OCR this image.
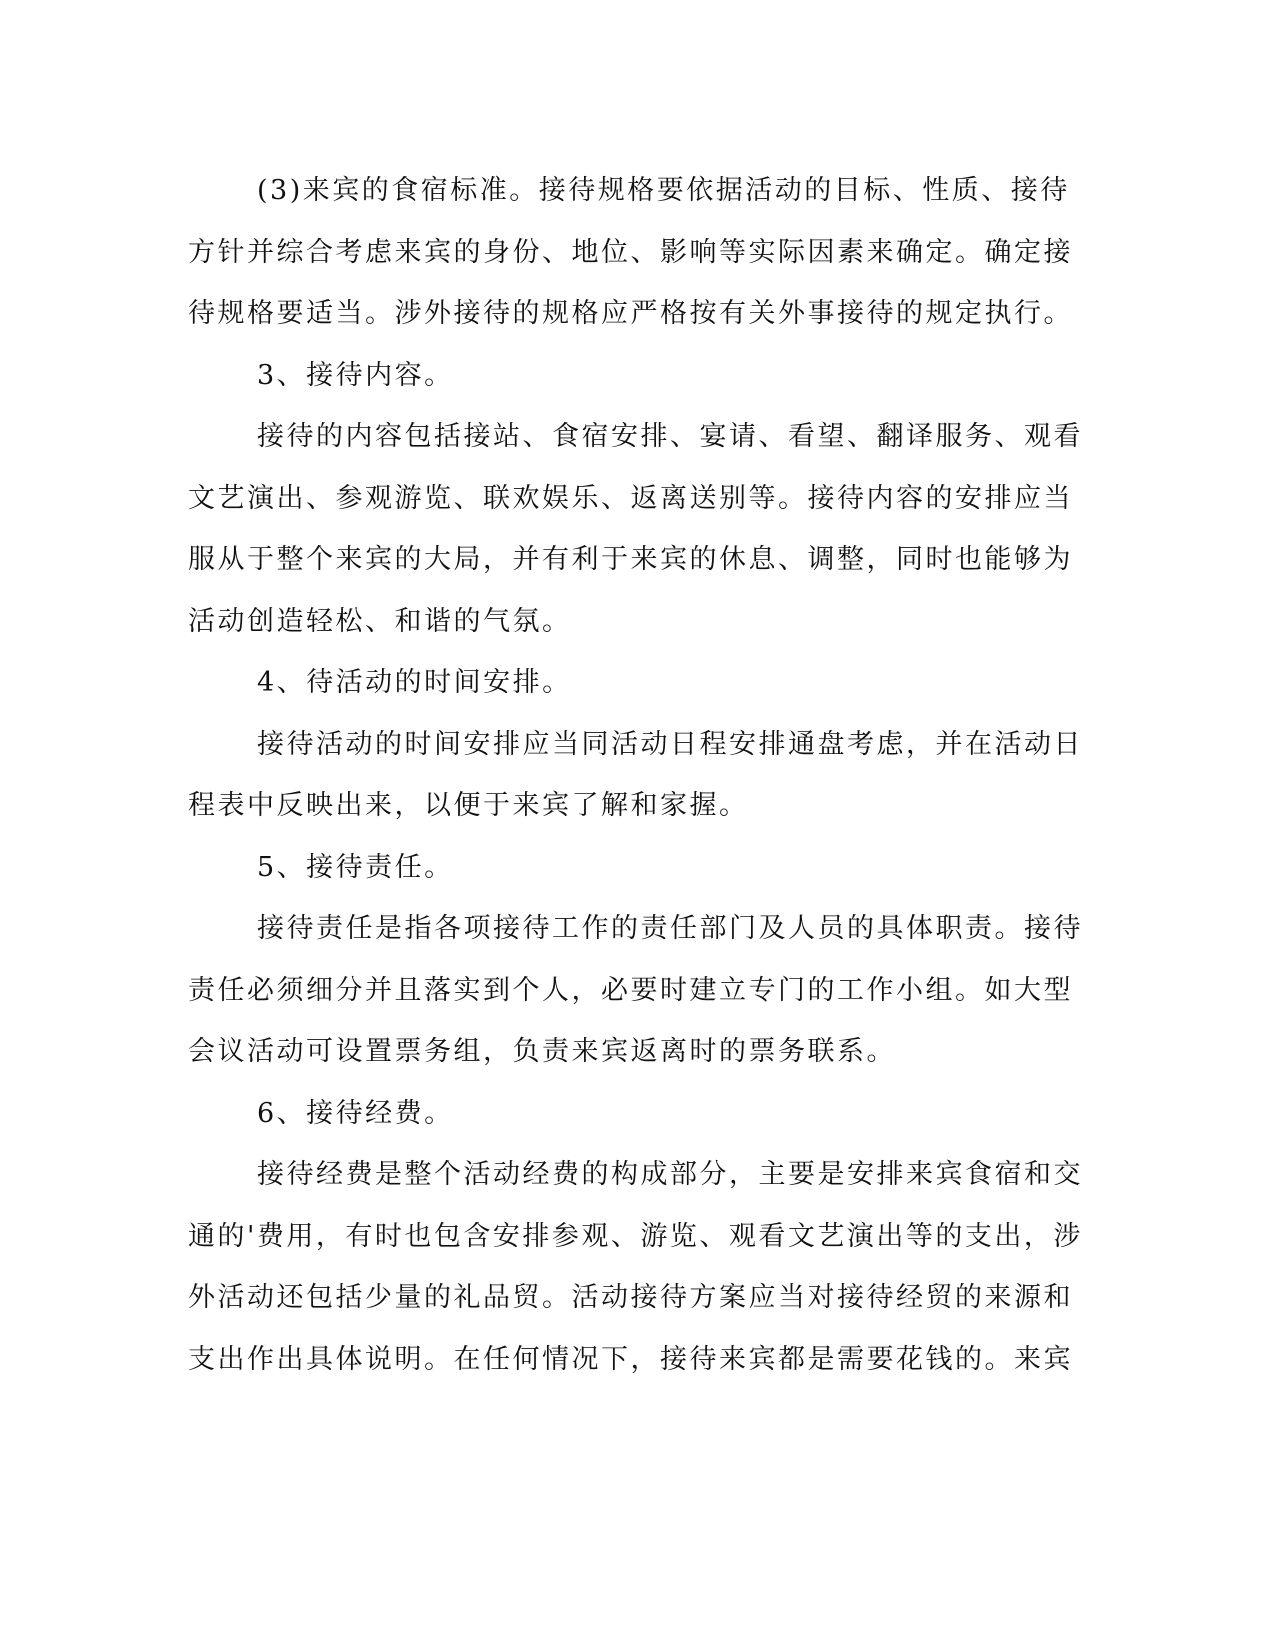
(3)来宾的食宿标准。接待规格要依据活动的目标、性质、接待方针并综合考虑来宾的身份、地位、影响等实际因素来确定。确定接待规格要适当。涉外接待的规格应严格按有关外事接待的规定执行。

3、接待内容。

接待的内容包括接站、食宿安排、宴请、看望、翻译服务、观看文艺演出、参观游览、联欢娱乐、返离送别等。接待内容的安排应当服从于整个来宾的大局，并有利于来宾的休息、调整，同时也能够为活动创造轻松、和谐的气氛。

4、待活动的时间安排。

接待活动的时间安排应当同活动日程安排通盘考虑，并在活动日程表中反映出来，以便于来宾了解和家握。

5、接待责任。

接待责任是指各项接待工作的责任部门及人员的具体职责。接待责任必须细分并且落实到个人，必要时建立专门的工作小组。如大型会议活动可设置票务组，负责来宾返离时的票务联系。

6、接待经费。

接待经费是整个活动经费的构成部分，主要是安排来宾食宿和交通的'费用，有时也包含安排参观、游览、观看文艺演出等的支出，涉外活动还包括少量的礼品贸。活动接待方案应当对接待经贸的来源和支出作出具体说明。在任何情况下，接待来宾都是需要花钱的。来宾
